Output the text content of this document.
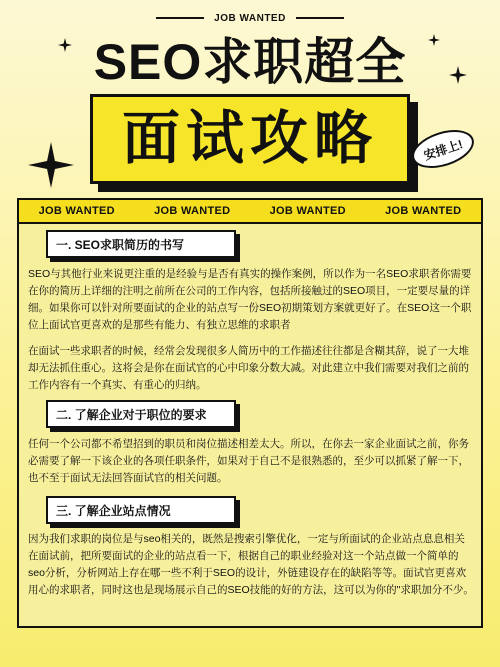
JOB WANTED
SEO求职超全
面试攻略	安排上!
JOB WANTED	JOB WANTED	JOB WANTED	JOB WANTED
一. SEO求职简历的书写
SEO与其他行业来说更注重的是经验与是否有真实的操作案例，所以作为一名SEO求职者你需要在你的简历上详细的注明之前所在公司的工作内容，包括所接触过的SEO项目，一定要尽量的详细。如果你可以针对所要面试的企业的站点写一份SEO初期策划方案就更好了。在SEO这一个职位上面试官更喜欢的是那些有能力、有独立思维的求职者
在面试一些求职者的时候，经常会发现很多人简历中的工作描述往往都是含糊其辞，说了一大堆却无法抓住重心。这将会是你在面试官的心中印象分数大减。对此建立中我们需要对我们之前的工作内容有一个真实、有重心的归纳。
二. 了解企业对于职位的要求
任何一个公司都不希望招到的职员和岗位描述相差太大。所以，在你去一家企业面试之前，你务必需要了解一下该企业的各项任职条件，如果对于自己不是很熟悉的，至少可以抓紧了解一下，也不至于面试无法回答面试官的相关问题。
三. 了解企业站点情况
因为我们求职的岗位是与seo相关的，既然是搜索引擎优化，一定与所面试的企业站点息息相关在面试前，把所要面试的企业的站点看一下，根据自己的职业经验对这一个站点做一个简单的seo分析，分析网站上存在哪一些不利于SEO的设计，外链建设存在的缺陷等等。面试官更喜欢用心的求职者，同时这也是现场展示自己的SEO技能的好的方法，这可以为你的"求职加分不少。
